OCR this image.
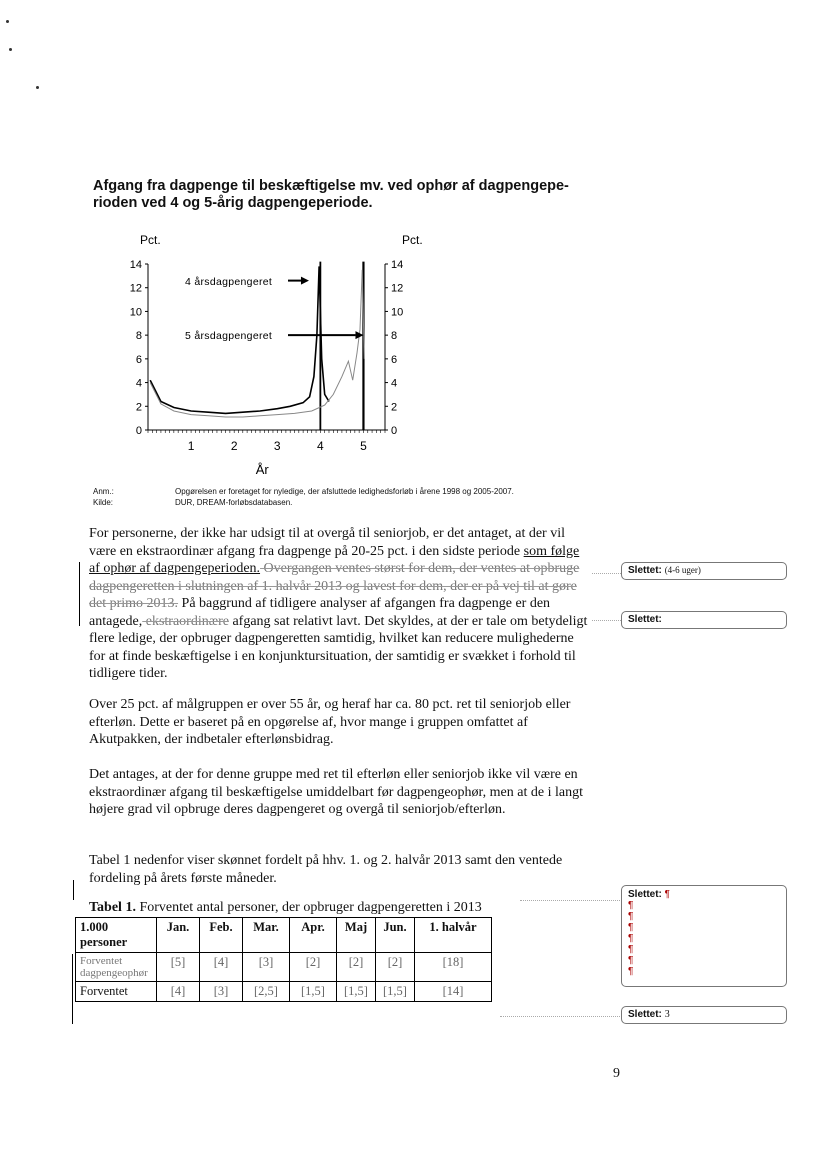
Afgang fra dagpenge til beskæftigelse mv. ved ophør af dagpengepe-
rioden ved 4 og 5-årig dagpengeperiode.
0	0
2	2
4	4
6	6
8	8
10	10
12	12
14	14
1	2	3	4	5
Pct.	Pct.
År
4 årsdagpengeret
5 årsdagpengeret
Anm.:	Opgørelsen er foretaget for nyledige, der afsluttede ledighedsforløb i årene 1998 og 2005-2007.
Kilde:	DUR, DREAM-forløbsdatabasen.
For personerne, der ikke har udsigt til at overgå til seniorjob, er det antaget, at der vil være en ekstraordinær afgang fra dagpenge på 20-25 pct. i den sidste periode som følge af ophør af dagpengeperioden. Overgangen ventes størst for dem, der ventes at opbruge dagpengeretten i slutningen af 1. halvår 2013 og lavest for dem, der er på vej til at gøre det primo 2013. På baggrund af tidligere analyser af afgangen fra dagpenge er den antagede, ekstraordinære afgang sat relativt lavt. Det skyldes, at der er tale om betydeligt flere ledige, der opbruger dagpengeretten samtidig, hvilket kan reducere mulighederne for at finde beskæftigelse i en konjunktursituation, der samtidig er svækket i forhold til tidligere tider.
Over 25 pct. af målgruppen er over 55 år, og heraf har ca. 80 pct. ret til seniorjob eller efterløn. Dette er baseret på en opgørelse af, hvor mange i gruppen omfattet af Akutpakken, der indbetaler efterlønsbidrag.
Det antages, at der for denne gruppe med ret til efterløn eller seniorjob ikke vil være en ekstraordinær afgang til beskæftigelse umiddelbart før dagpengeophør, men at de i langt højere grad vil opbruge deres dagpengeret og overgå til seniorjob/efterløn.
Tabel 1 nedenfor viser skønnet fordelt på hhv. 1. og 2. halvår 2013 samt den ventede fordeling på årets første måneder.
Slettet: (4-6 uger)
Slettet:
Slettet: ¶
¶
¶
¶
¶
¶
¶
¶
Slettet: 3
Tabel 1. Forventet antal personer, der opbruger dagpengeretten i 2013
1.000 personer	Jan.	Feb.	Mar.	Apr.	Maj	Jun.	1. halvår
Forventet dagpengeophør	[5]	[4]	[3]	[2]	[2]	[2]	[18]
Forventet	[4]	[3]	[2,5]	[1,5]	[1,5]	[1,5]	[14]
9
